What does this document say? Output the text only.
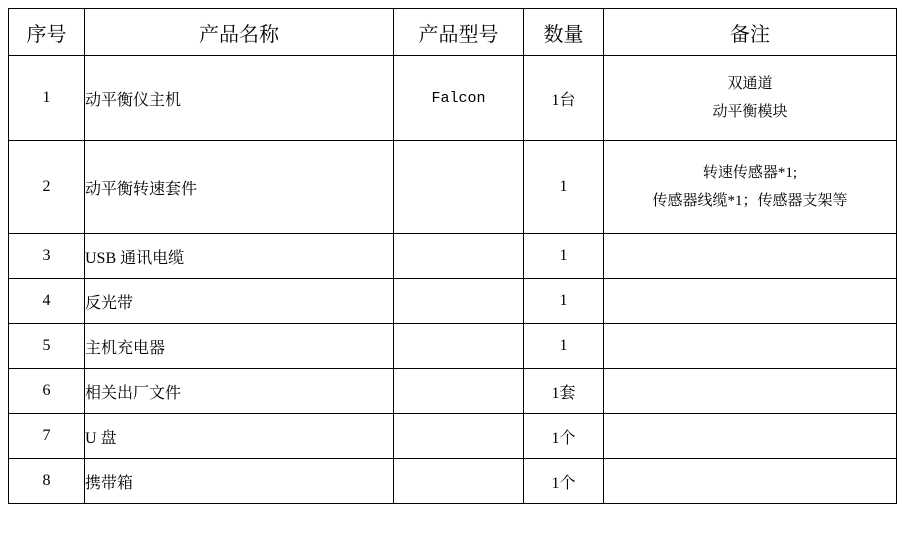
序号	产品名称	产品型号	数量	备注
1	动平衡仪主机	Falcon	1台	双通道
动平衡模块

2	动平衡转速套件		1	转速传感器*1;
传感器线缆*1；传感器支架等

3	USB 通讯电缆		1	
4	反光带		1	
5	主机充电器		1	
6	相关出厂文件		1套	
7	U 盘		1个	
8	携带箱		1个	
